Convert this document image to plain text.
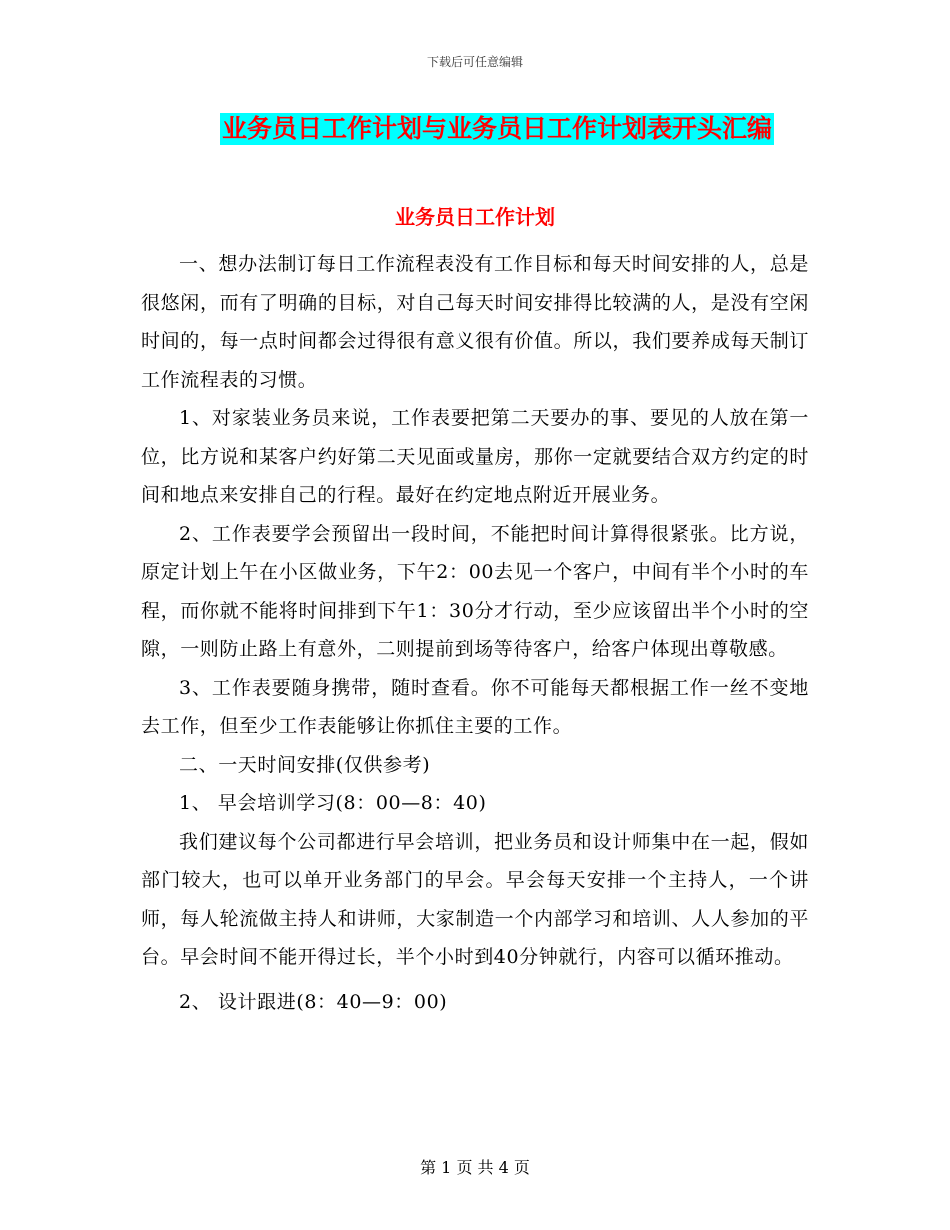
下载后可任意编辑
业务员日工作计划与业务员日工作计划表开头汇编
业务员日工作计划

一、想办法制订每日工作流程表没有工作目标和每天时间安排的人，总是很悠闲，而有了明确的目标，对自己每天时间安排得比较满的人，是没有空闲时间的，每一点时间都会过得很有意义很有价值。所以，我们要养成每天制订工作流程表的习惯。

1、对家装业务员来说，工作表要把第二天要办的事、要见的人放在第一位，比方说和某客户约好第二天见面或量房，那你一定就要结合双方约定的时间和地点来安排自己的行程。最好在约定地点附近开展业务。

2、工作表要学会预留出一段时间，不能把时间计算得很紧张。比方说，原定计划上午在小区做业务，下午2：00去见一个客户，中间有半个小时的车程，而你就不能将时间排到下午1：30分才行动，至少应该留出半个小时的空隙，一则防止路上有意外，二则提前到场等待客户，给客户体现出尊敬感。

3、工作表要随身携带，随时查看。你不可能每天都根据工作一丝不变地去工作，但至少工作表能够让你抓住主要的工作。

二、一天时间安排(仅供参考)

1、 早会培训学习(8：00—8：40)

我们建议每个公司都进行早会培训，把业务员和设计师集中在一起，假如部门较大，也可以单开业务部门的早会。早会每天安排一个主持人，一个讲师，每人轮流做主持人和讲师，大家制造一个内部学习和培训、人人参加的平台。早会时间不能开得过长，半个小时到40分钟就行，内容可以循环推动。

2、 设计跟进(8：40—9：00)

第 1 页 共 4 页
